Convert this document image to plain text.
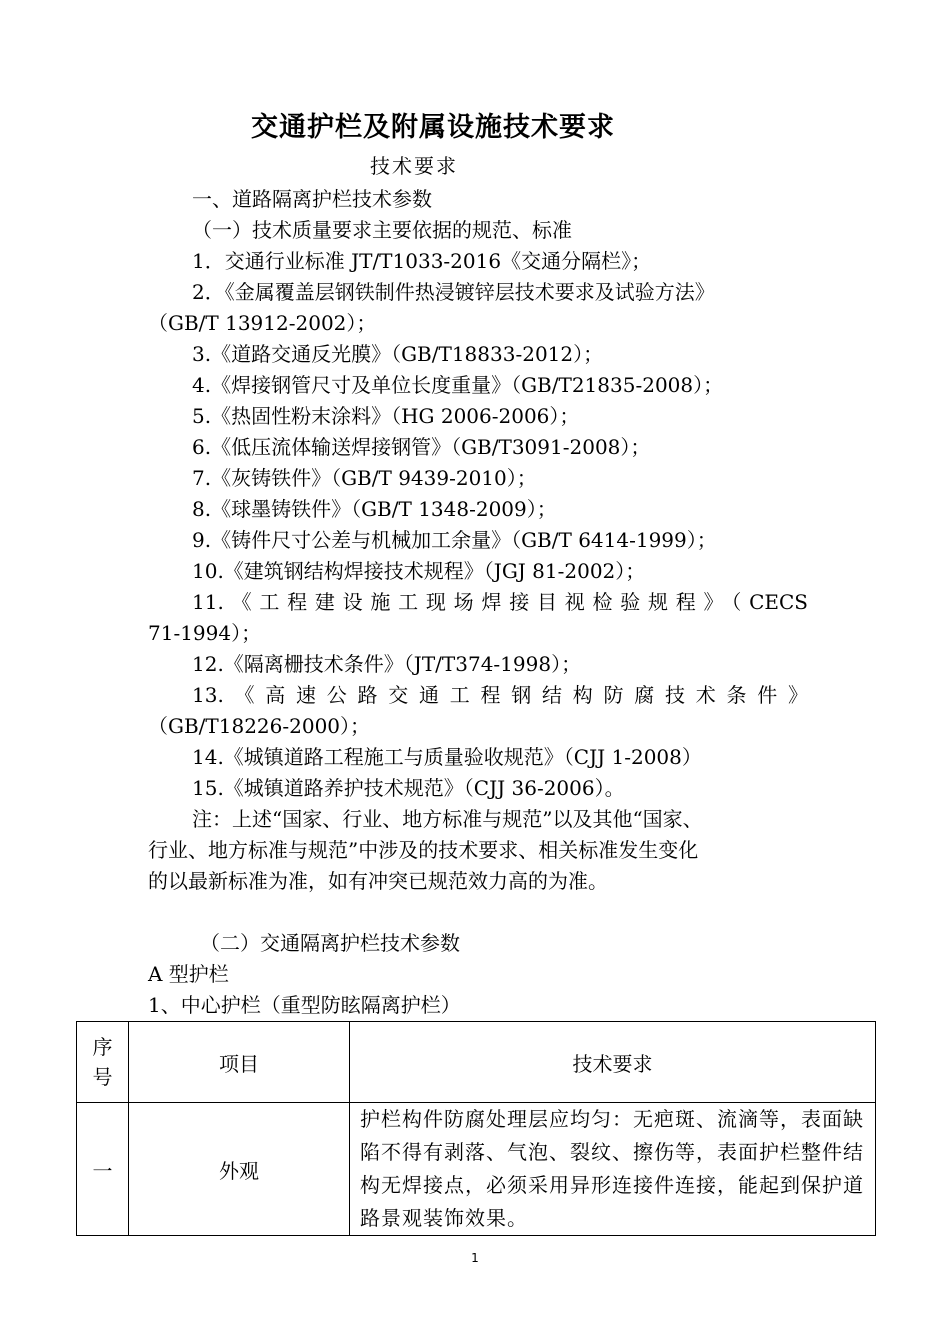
交通护栏及附属设施技术要求
技术要求
一、道路隔离护栏技术参数
（一）技术质量要求主要依据的规范、标准
1．交通行业标准 JT/T1033-2016《交通分隔栏》；
2．《金属覆盖层钢铁制件热浸镀锌层技术要求及试验方法》
（GB/T 13912-2002）；
3.《道路交通反光膜》（GB/T18833-2012）；
4.《焊接钢管尺寸及单位长度重量》（GB/T21835-2008）；
5.《热固性粉末涂料》（HG 2006-2006）；
6.《低压流体输送焊接钢管》（GB/T3091-2008）；
7.《灰铸铁件》（GB/T 9439-2010）；
8.《球墨铸铁件》（GB/T 1348-2009）；
9.《铸件尺寸公差与机械加工余量》（GB/T 6414-1999）；
10.《建筑钢结构焊接技术规程》（JGJ 81-2002）；
11.《工程建设施工现场焊接目视检验规程》（CECS
71-1994）；
12.《隔离栅技术条件》（JT/T374-1998）；
13.《高速公路交通工程钢结构防腐技术条件》
（GB/T18226-2000）；
14.《城镇道路工程施工与质量验收规范》（CJJ 1-2008）
15.《城镇道路养护技术规范》（CJJ 36-2006）。
注：上述“国家、行业、地方标准与规范”以及其他“国家、
行业、地方标准与规范”中涉及的技术要求、相关标准发生变化
的以最新标准为准，如有冲突已规范效力高的为准。
（二）交通隔离护栏技术参数
A 型护栏
1、中心护栏（重型防眩隔离护栏）
序号	项目	技术要求
一	外观	护栏构件防腐处理层应均匀：无疤斑、流滴等，表面缺陷不得有剥落、气泡、裂纹、擦伤等，表面护栏整件结构无焊接点，必须采用异形连接件连接，能起到保护道路景观装饰效果。
1
